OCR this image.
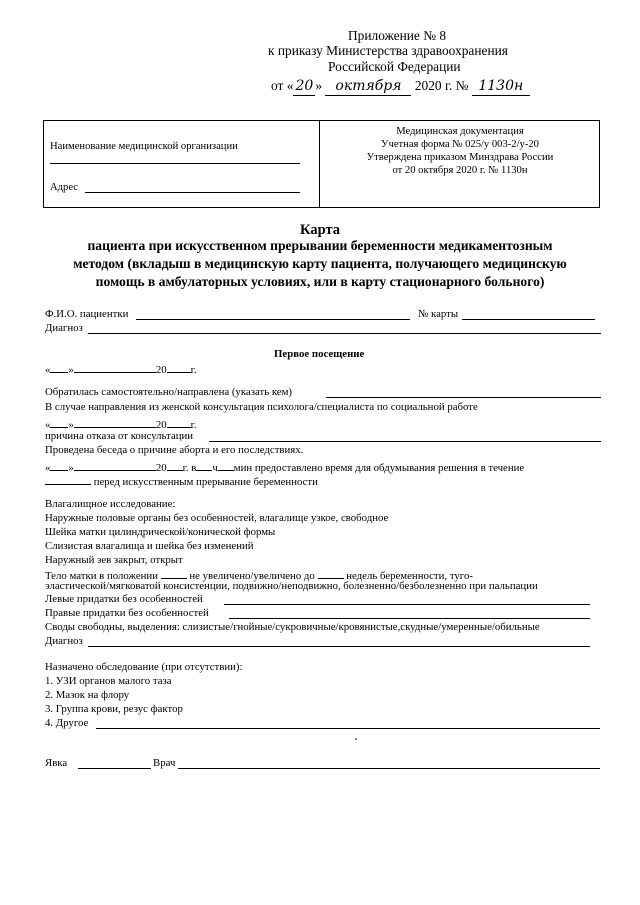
Приложение № 8
к приказу Министерства здравоохранения
Российской Федерации
от « 20 » октября 2020 г. № 1130н
Наименование медицинской организации
Адрес
Медицинская документация
Учетная форма № 025/у 003-2/у-20
Утверждена приказом Минздрава России
от 20 октября 2020 г. № 1130н
Карта
пациента при искусственном прерывании беременности медикаментозным
методом (вкладыш в медицинскую карту пациента, получающего медицинскую
помощь в амбулаторных условиях, или в карту стационарного больного)
Ф.И.О. пациентки	№ карты
Диагноз
Первое посещение
« »	20 г.
Обратилась самостоятельно/направлена (указать кем)
В случае направления из женской консультация психолога/специалиста по социальной работе
« »	20 г.
причина отказа от консультации
Проведена беседа о причине аборта и его последствиях.
« »	20 г. в ч мин предоставлено время для обдумывания решения в течение
перед искусственным прерывание беременности
Влагалищное исследование:
Наружные половые органы без особенностей, влагалище узкое, свободное
Шейка матки цилиндрической/конической формы
Слизистая влагалища и шейка без изменений
Наружный зев закрыт, открыт
Тело матки в положении	не увеличено/увеличено до	недель беременности, туго-
эластической/мягковатой консистенции, подвижно/неподвижно, болезненно/безболезненно при пальпации
Левые придатки без особенностей
Правые придатки без особенностей
Своды свободны, выделения: слизистые/гнойные/сукровичные/кровянистые,скудные/умеренные/обильные
Диагноз
Назначено обследование (при отсутствии):
1. УЗИ органов малого таза
2. Мазок на флору
3. Группа крови, резус фактор
4. Другое
Явка	Врач
